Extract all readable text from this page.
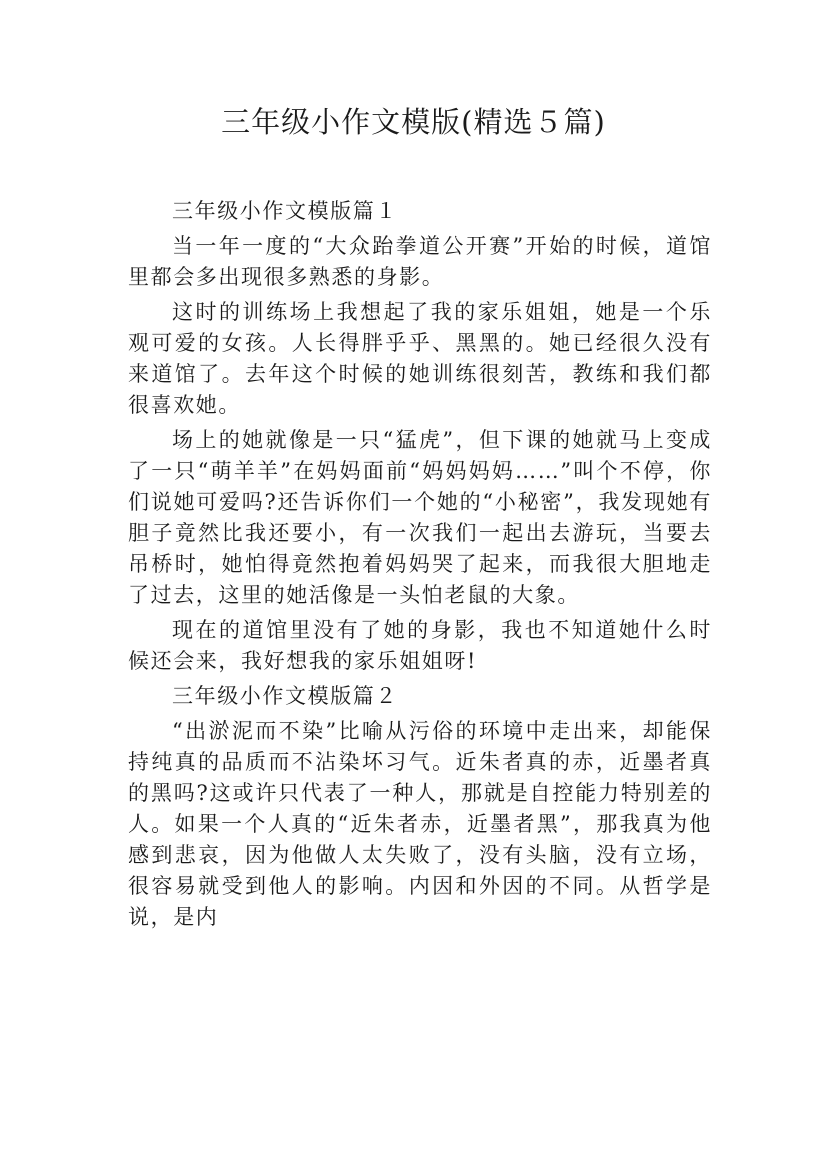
三年级小作文模版(精选５篇)

三年级小作文模版篇１

当一年一度的“大众跆拳道公开赛”开始的时候，道馆里都会多出现很多熟悉的身影。

这时的训练场上我想起了我的家乐姐姐，她是一个乐观可爱的女孩。人长得胖乎乎、黑黑的。她已经很久没有来道馆了。去年这个时候的她训练很刻苦，教练和我们都很喜欢她。

场上的她就像是一只“猛虎”，但下课的她就马上变成了一只“萌羊羊”在妈妈面前“妈妈妈妈……”叫个不停，你们说她可爱吗?还告诉你们一个她的“小秘密”，我发现她有胆子竟然比我还要小，有一次我们一起出去游玩，当要去吊桥时，她怕得竟然抱着妈妈哭了起来，而我很大胆地走了过去，这里的她活像是一头怕老鼠的大象。

现在的道馆里没有了她的身影，我也不知道她什么时候还会来，我好想我的家乐姐姐呀!

三年级小作文模版篇２

“出淤泥而不染”比喻从污俗的环境中走出来，却能保持纯真的品质而不沾染坏习气。近朱者真的赤，近墨者真的黑吗?这或许只代表了一种人，那就是自控能力特别差的人。如果一个人真的“近朱者赤，近墨者黑”，那我真为他感到悲哀，因为他做人太失败了，没有头脑，没有立场，很容易就受到他人的影响。内因和外因的不同。从哲学是说，是内
